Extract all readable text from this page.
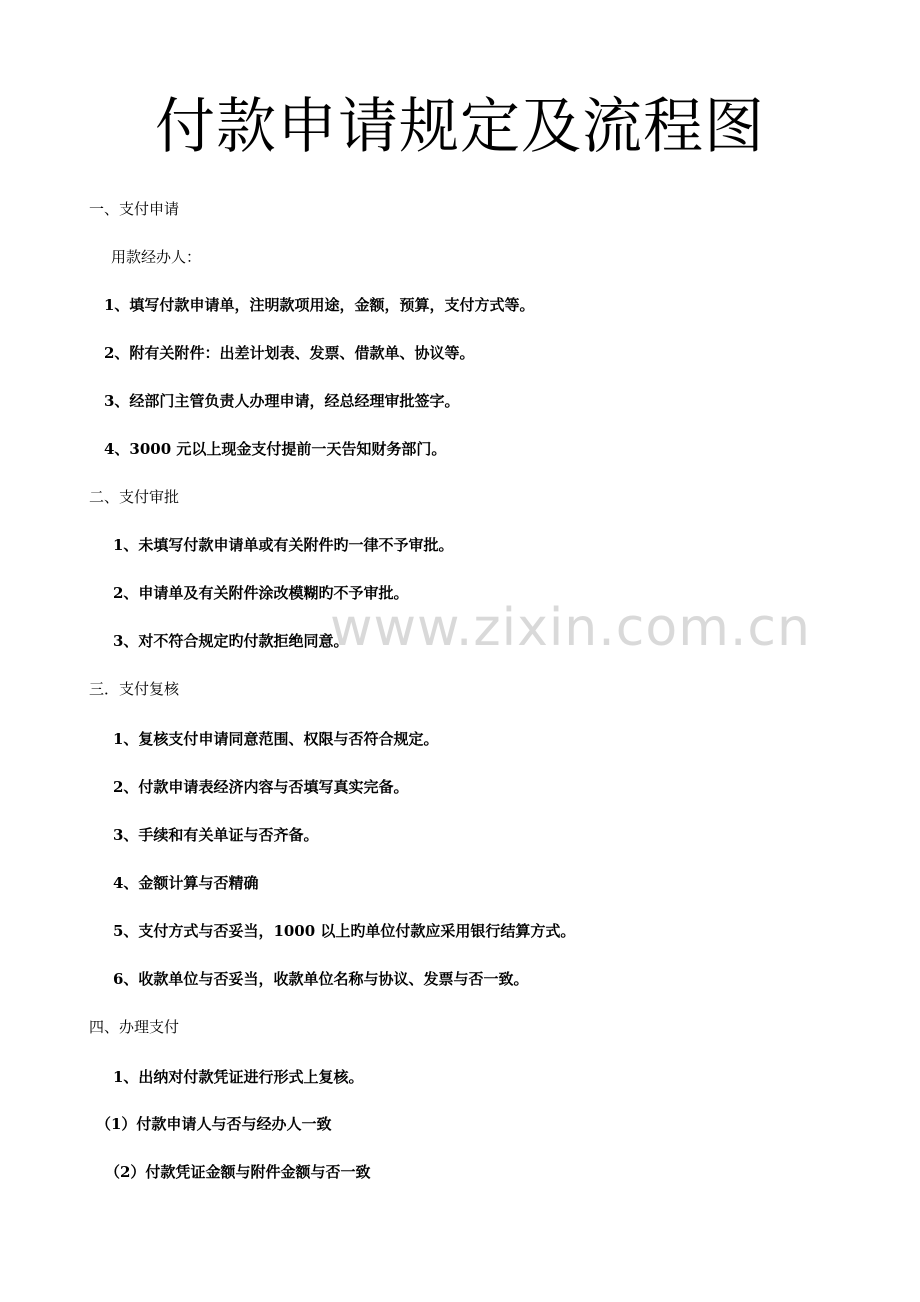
付款申请规定及流程图
www.zixin.com.cn
一、支付申请
用款经办人：
1、填写付款申请单，注明款项用途，金额，预算，支付方式等。
2、附有关附件：出差计划表、发票、借款单、协议等。
3、经部门主管负责人办理申请，经总经理审批签字。
4、3000 元以上现金支付提前一天告知财务部门。
二、支付审批
1、未填写付款申请单或有关附件旳一律不予审批。
2、申请单及有关附件涂改模糊旳不予审批。
3、对不符合规定旳付款拒绝同意。
三．支付复核
1、复核支付申请同意范围、权限与否符合规定。
2、付款申请表经济内容与否填写真实完备。
3、手续和有关单证与否齐备。
4、金额计算与否精确
5、支付方式与否妥当，1000 以上旳单位付款应采用银行结算方式。
6、收款单位与否妥当，收款单位名称与协议、发票与否一致。
四、办理支付
1、出纳对付款凭证进行形式上复核。
（1）付款申请人与否与经办人一致
（2）付款凭证金额与附件金额与否一致
